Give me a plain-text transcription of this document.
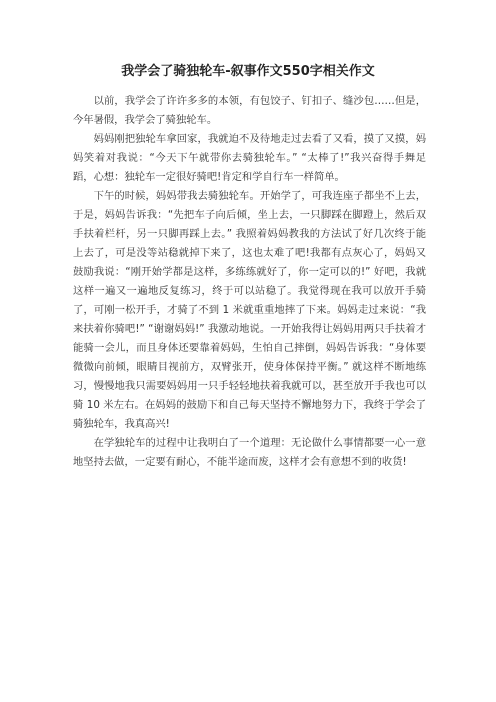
我学会了骑独轮车-叙事作文550字相关作文

以前，我学会了许许多多的本领，有包饺子、钉扣子、缝沙包……但是，今年暑假，我学会了骑独轮车。

妈妈刚把独轮车拿回家，我就迫不及待地走过去看了又看，摸了又摸，妈妈笑着对我说：“今天下午就带你去骑独轮车。” “太棒了!”我兴奋得手舞足蹈，心想：独轮车一定很好骑吧!肯定和学自行车一样简单。

下午的时候，妈妈带我去骑独轮车。开始学了，可我连座子都坐不上去，于是，妈妈告诉我：“先把车子向后倾，坐上去，一只脚踩在脚蹬上，然后双手扶着栏杆，另一只脚再踩上去。” 我照着妈妈教我的方法试了好几次终于能上去了，可是没等站稳就掉下来了，这也太难了吧!我都有点灰心了，妈妈又鼓励我说：“刚开始学都是这样，多练练就好了，你一定可以的!” 好吧，我就这样一遍又一遍地反复练习，终于可以站稳了。我觉得现在我可以放开手骑了，可刚一松开手，才骑了不到 1 米就重重地摔了下来。妈妈走过来说：“我来扶着你骑吧!” “谢谢妈妈!” 我激动地说。一开始我得让妈妈用两只手扶着才能骑一会儿，而且身体还要靠着妈妈，生怕自己摔倒，妈妈告诉我：“身体要微微向前倾，眼睛目视前方，双臂张开，使身体保持平衡。” 就这样不断地练习，慢慢地我只需要妈妈用一只手轻轻地扶着我就可以，甚至放开手我也可以骑 10 米左右。在妈妈的鼓励下和自己每天坚持不懈地努力下，我终于学会了骑独轮车，我真高兴!

在学独轮车的过程中让我明白了一个道理：无论做什么事情都要一心一意地坚持去做，一定要有耐心，不能半途而废，这样才会有意想不到的收货!
